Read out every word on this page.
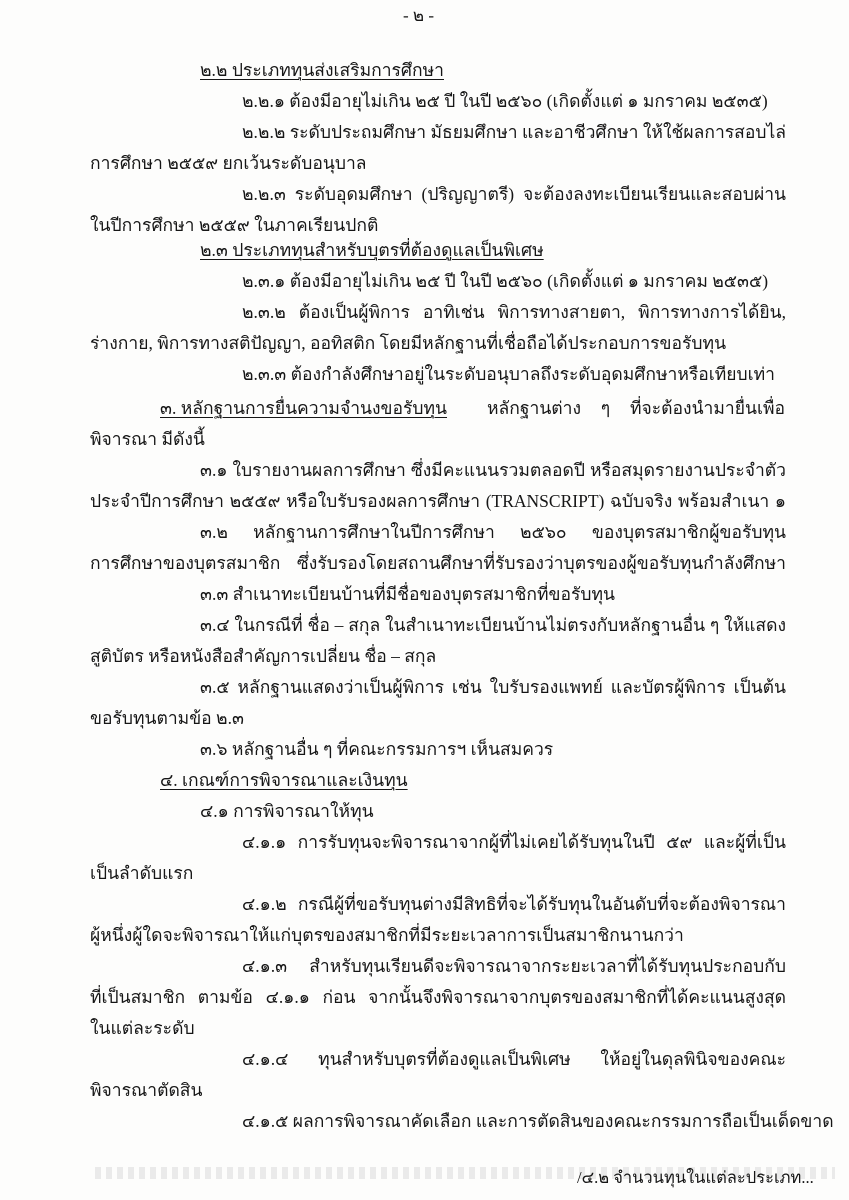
- ๒ -

๒.๒ ประเภททุนส่งเสริมการศึกษา

๒.๒.๑ ต้องมีอายุไม่เกิน ๒๕ ปี ในปี ๒๕๖๐ (เกิดตั้งแต่ ๑ มกราคม ๒๕๓๕)

๒.๒.๒ ระดับประถมศึกษา มัธยมศึกษา และอาชีวศึกษา ให้ใช้ผลการสอบไล่

การศึกษา ๒๕๕๙ ยกเว้นระดับอนุบาล

๒.๒.๓ ระดับอุดมศึกษา (ปริญญาตรี) จะต้องลงทะเบียนเรียนและสอบผ่าน

ในปีการศึกษา ๒๕๕๙ ในภาคเรียนปกติ

๒.๓ ประเภททุนสำหรับบุตรที่ต้องดูแลเป็นพิเศษ

๒.๓.๑ ต้องมีอายุไม่เกิน ๒๕ ปี ในปี ๒๕๖๐ (เกิดตั้งแต่ ๑ มกราคม ๒๕๓๕)

๒.๓.๒ ต้องเป็นผู้พิการ อาทิเช่น พิการทางสายตา, พิการทางการได้ยิน,

ร่างกาย, พิการทางสติปัญญา, ออทิสติก โดยมีหลักฐานที่เชื่อถือได้ประกอบการขอรับทุน

๒.๓.๓ ต้องกำลังศึกษาอยู่ในระดับอนุบาลถึงระดับอุดมศึกษาหรือเทียบเท่า

๓. หลักฐานการยื่นความจำนงขอรับทุน หลักฐานต่าง ๆ ที่จะต้องนำมายื่นเพื่อ

พิจารณา มีดังนี้

๓.๑ ใบรายงานผลการศึกษา ซึ่งมีคะแนนรวมตลอดปี หรือสมุดรายงานประจำตัว

ประจำปีการศึกษา ๒๕๕๙ หรือใบรับรองผลการศึกษา (TRANSCRIPT) ฉบับจริง พร้อมสำเนา ๑

๓.๒ หลักฐานการศึกษาในปีการศึกษา ๒๕๖๐ ของบุตรสมาชิกผู้ขอรับทุน

การศึกษาของบุตรสมาชิก ซึ่งรับรองโดยสถานศึกษาที่รับรองว่าบุตรของผู้ขอรับทุนกำลังศึกษา

๓.๓ สำเนาทะเบียนบ้านที่มีชื่อของบุตรสมาชิกที่ขอรับทุน

๓.๔ ในกรณีที่ ชื่อ – สกุล ในสำเนาทะเบียนบ้านไม่ตรงกับหลักฐานอื่น ๆ ให้แสดง

สูติบัตร หรือหนังสือสำคัญการเปลี่ยน ชื่อ – สกุล

๓.๕ หลักฐานแสดงว่าเป็นผู้พิการ เช่น ใบรับรองแพทย์ และบัตรผู้พิการ เป็นต้น

ขอรับทุนตามข้อ ๒.๓

๓.๖ หลักฐานอื่น ๆ ที่คณะกรรมการฯ เห็นสมควร

๔. เกณฑ์การพิจารณาและเงินทุน

๔.๑ การพิจารณาให้ทุน

๔.๑.๑ การรับทุนจะพิจารณาจากผู้ที่ไม่เคยได้รับทุนในปี ๕๙ และผู้ที่เป็น

เป็นลำดับแรก

๔.๑.๒ กรณีผู้ที่ขอรับทุนต่างมีสิทธิที่จะได้รับทุนในอันดับที่จะต้องพิจารณา

ผู้หนึ่งผู้ใดจะพิจารณาให้แก่บุตรของสมาชิกที่มีระยะเวลาการเป็นสมาชิกนานกว่า

๔.๑.๓ สำหรับทุนเรียนดีจะพิจารณาจากระยะเวลาที่ได้รับทุนประกอบกับ

ที่เป็นสมาชิก ตามข้อ ๔.๑.๑ ก่อน จากนั้นจึงพิจารณาจากบุตรของสมาชิกที่ได้คะแนนสูงสุด

ในแต่ละระดับ

๔.๑.๔ ทุนสำหรับบุตรที่ต้องดูแลเป็นพิเศษ ให้อยู่ในดุลพินิจของคณะ

พิจารณาตัดสิน

๔.๑.๕ ผลการพิจารณาคัดเลือก และการตัดสินของคณะกรรมการถือเป็นเด็ดขาด

/๔.๒ จำนวนทุนในแต่ละประเภท...
